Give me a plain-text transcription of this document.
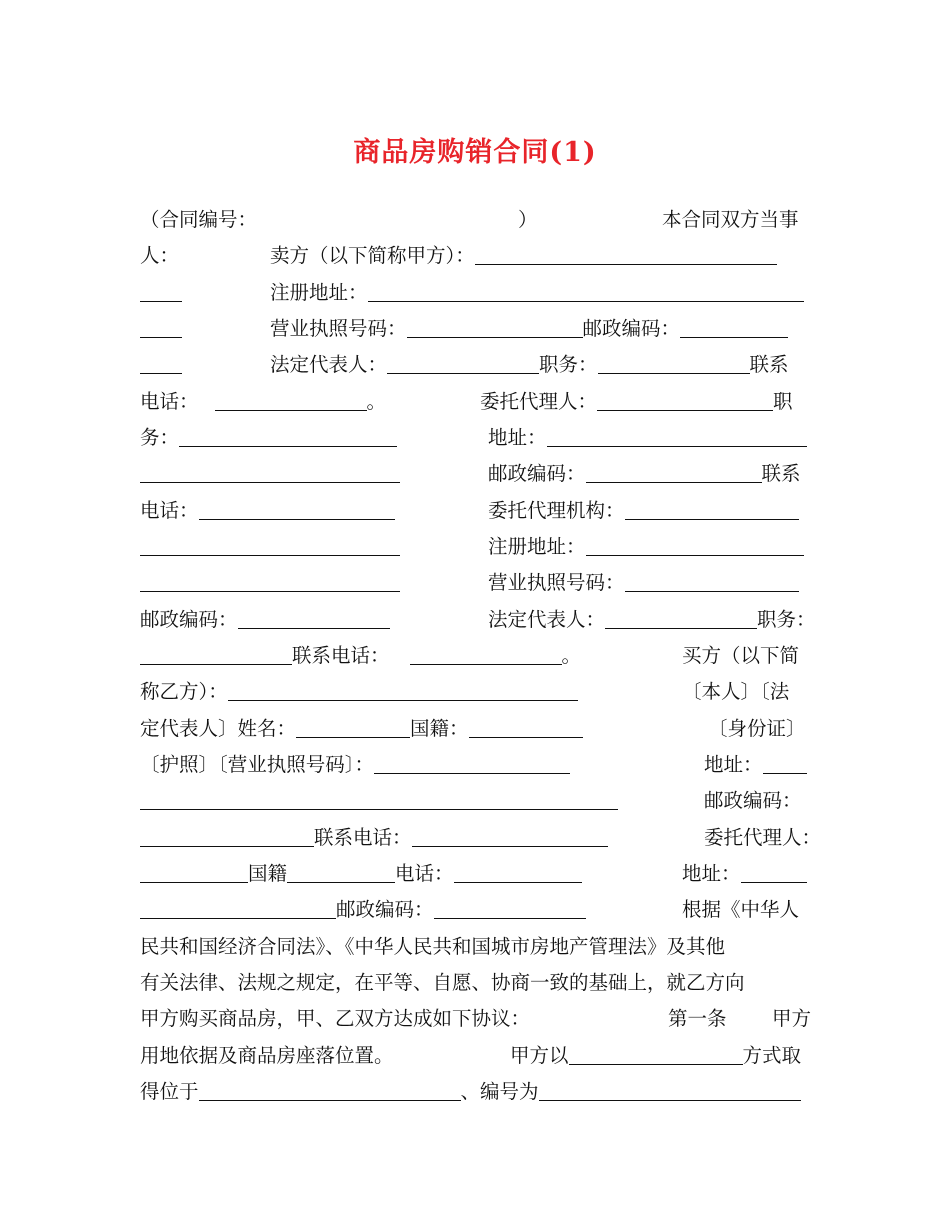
商品房购销合同(1)
（合同编号：	）	本合同双方当事
人：	卖方（以下简称甲方）：
注册地址：
营业执照号码：	邮政编码：
法定代表人：	职务：	联系
电话：	。	委托代理人：	职
务：	地址：
邮政编码：	联系
电话：	委托代理机构：
注册地址：
营业执照号码：
邮政编码：	法定代表人：	职务：
联系电话：	。	买方（以下简
称乙方）：	〔本人〕〔法
定代表人〕姓名：	国籍：	〔身份证〕
〔护照〕〔营业执照号码〕：	地址：
邮政编码：
联系电话：	委托代理人：
国籍	电话：	地址：
邮政编码：	根据《中华人
民共和国经济合同法》、《中华人民共和国城市房地产管理法》及其他
有关法律、法规之规定，在平等、自愿、协商一致的基础上，就乙方向
甲方购买商品房，甲、乙双方达成如下协议：	第一条 甲方
用地依据及商品房座落位置。	甲方以	方式取
得位于	、编号为
